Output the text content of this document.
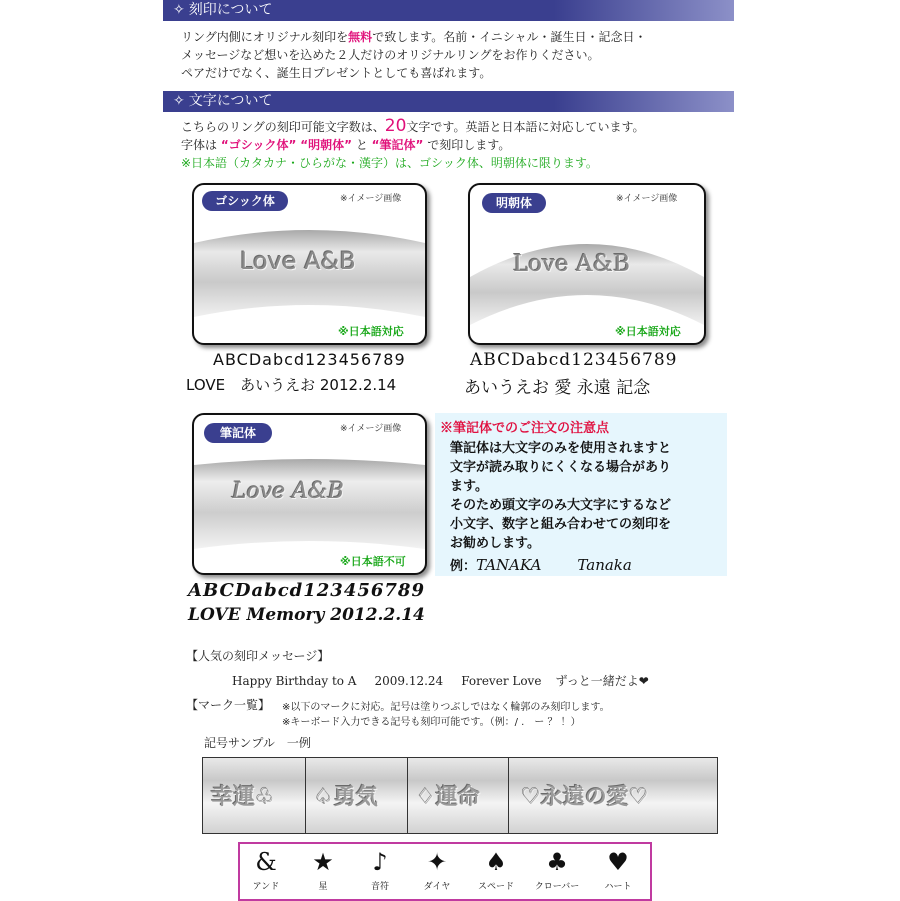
✧ 刻印について
リング内側にオリジナル刻印を無料で致します。名前・イニシャル・誕生日・記念日・
メッセージなど想いを込めた２人だけのオリジナルリングをお作りください。
ペアだけでなく、誕生日プレゼントとしても喜ばれます。
✧ 文字について
こちらのリングの刻印可能文字数は、20文字です。英語と日本語に対応しています。
字体は “ゴシック体” “明朝体” と “筆記体” で刻印します。
※日本語（カタカナ・ひらがな・漢字）は、ゴシック体、明朝体に限ります。
ゴシック体	※イメージ画像
Love A&B
※日本語対応
ABCDabcd123456789
LOVE　あいうえお 2012.2.14
明朝体	※イメージ画像
Love A&B
※日本語対応
ABCDabcd123456789
あいうえお 愛 永遠 記念
筆記体	※イメージ画像
Love A&B
※日本語不可
ABCDabcd123456789
LOVE Memory 2012.2.14
※筆記体でのご注文の注意点
筆記体は大文字のみを使用されますと
文字が読み取りにくくなる場合があり
ます。
そのため頭文字のみ大文字にするなど
小文字、数字と組み合わせての刻印を
お勧めします。
例：TANAKA Tanaka
【人気の刻印メッセージ】
Happy Birthday to A 2009.12.24 Forever Love ずっと一緒だよ❤
【マーク一覧】 ※以下のマークに対応。記号は塗りつぶしではなく輪郭のみ刻印します。
※キーボード入力できる記号も刻印可能です。（例：/ .　ー ？ ！）
記号サンプル　一例
幸運♧ ♤勇気 ♢運命 ♡永遠の愛♡
&
アンド
★
星
♪
音符
✦
ダイヤ
♠
スペード
♣
クローバー
♥
ハート
